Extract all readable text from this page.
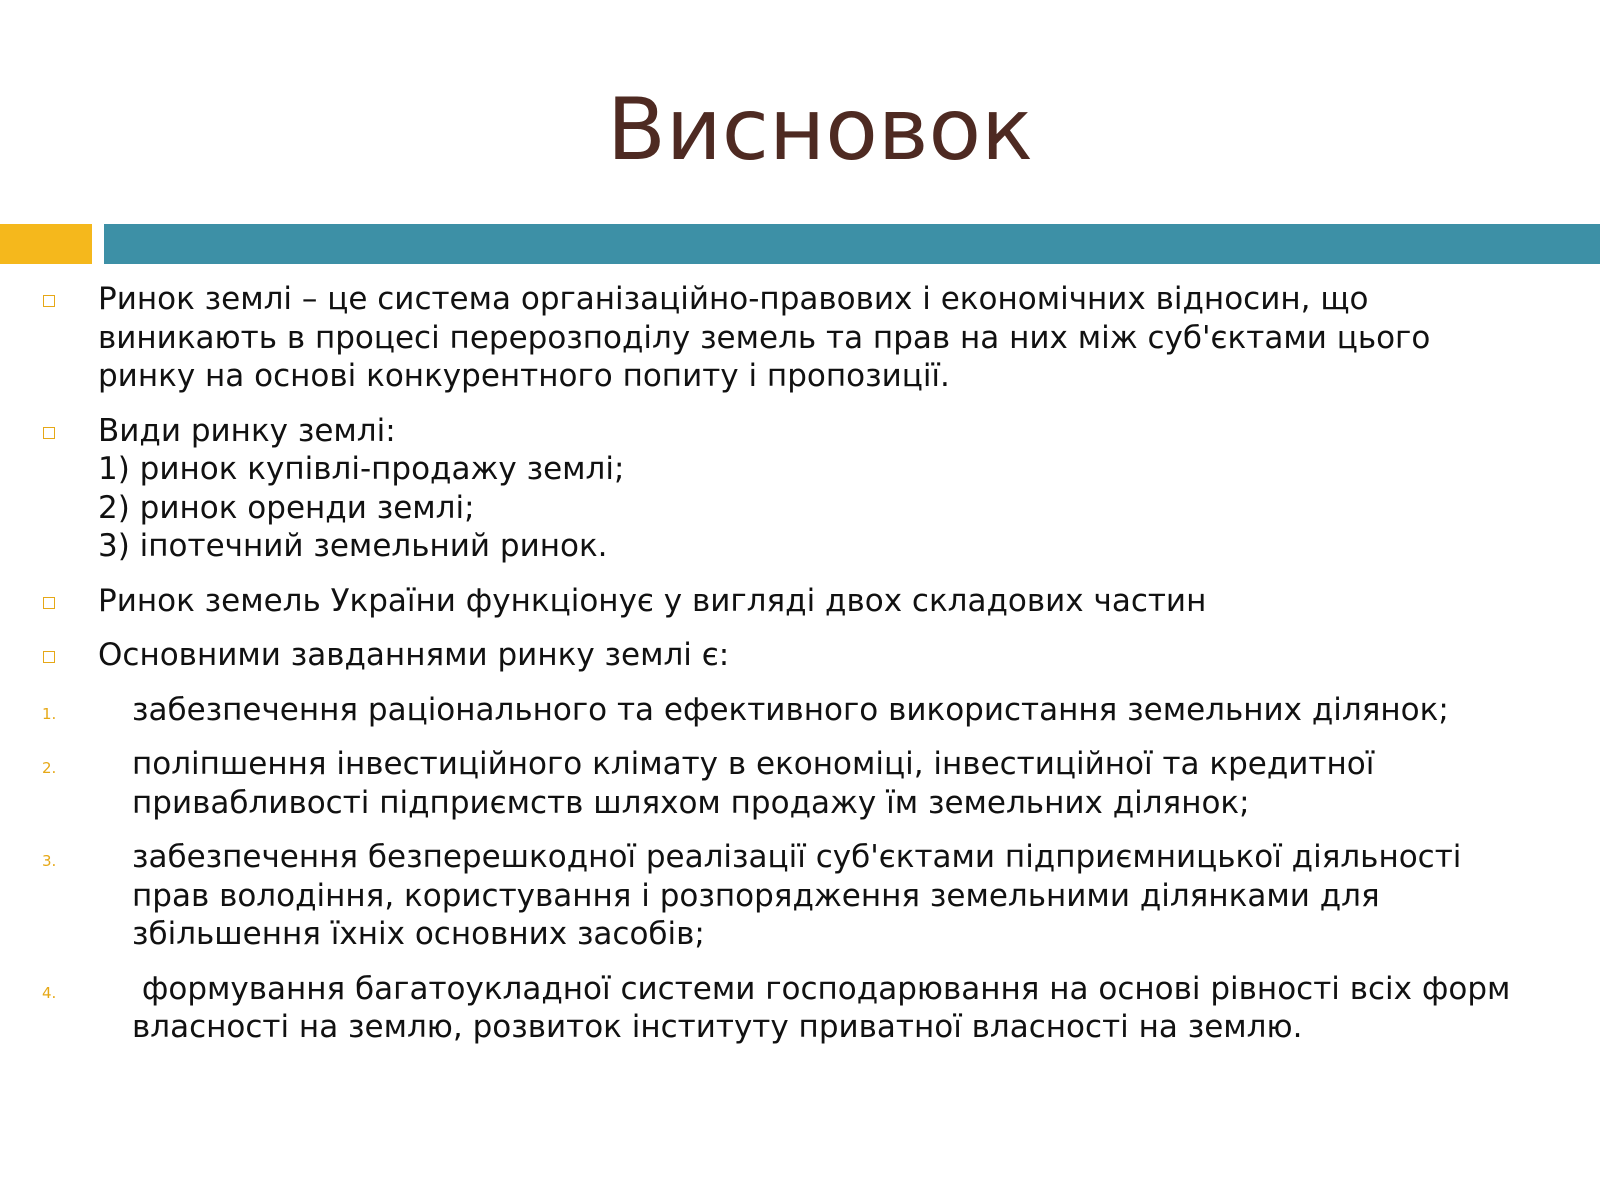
Висновок
Ринок землі – це система організаційно-правових і економічних відносин, що
виникають в процесі перерозподілу земель та прав на них між суб'єктами цього
ринку на основі конкурентного попиту і пропозиції.
Види ринку землі:
1) ринок купівлі-продажу землі;
2) ринок оренди землі;
3) іпотечний земельний ринок.
Ринок земель України функціонує у вигляді двох складових частин
Основними завданнями ринку землі є:
1. забезпечення раціонального та ефективного використання земельних ділянок;
2. поліпшення інвестиційного клімату в економіці, інвестиційної та кредитної
привабливості підприємств шляхом продажу їм земельних ділянок;
3. забезпечення безперешкодної реалізації суб'єктами підприємницької діяльності
прав володіння, користування і розпорядження земельними ділянками для
збільшення їхніх основних засобів;
4.	формування багатоукладної системи господарювання на основі рівності всіх форм
власності на землю, розвиток інституту приватної власності на землю.
